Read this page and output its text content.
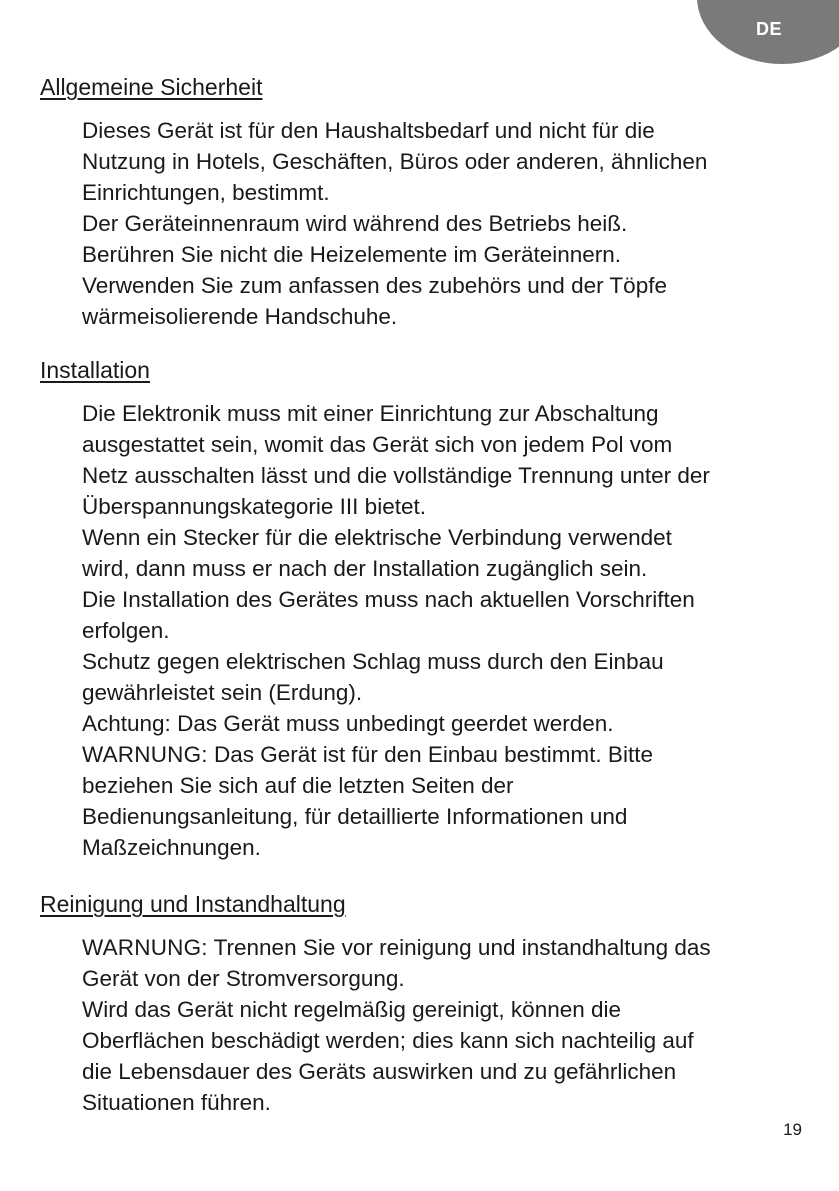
DE
Allgemeine Sicherheit
Dieses Gerät ist für den Haushaltsbedarf und nicht für die
Nutzung in Hotels, Geschäften, Büros oder anderen, ähnlichen
Einrichtungen, bestimmt.
Der Geräteinnenraum wird während des Betriebs heiß.
Berühren Sie nicht die Heizelemente im Geräteinnern.
Verwenden Sie zum anfassen des zubehörs und der Töpfe
wärmeisolierende Handschuhe.
Installation
Die Elektronik muss mit einer Einrichtung zur Abschaltung
ausgestattet sein, womit das Gerät sich von jedem Pol vom
Netz ausschalten lässt und die vollständige Trennung unter der
Überspannungskategorie III bietet.
Wenn ein Stecker für die elektrische Verbindung verwendet
wird, dann muss er nach der Installation zugänglich sein.
Die Installation des Gerätes muss nach aktuellen Vorschriften
erfolgen.
Schutz gegen elektrischen Schlag muss durch den Einbau
gewährleistet sein (Erdung).
Achtung: Das Gerät muss unbedingt geerdet werden.
WARNUNG: Das Gerät ist für den Einbau bestimmt. Bitte
beziehen Sie sich auf die letzten Seiten der
Bedienungsanleitung, für detaillierte Informationen und
Maßzeichnungen.
Reinigung und Instandhaltung
WARNUNG: Trennen Sie vor reinigung und instandhaltung das
Gerät von der Stromversorgung.
Wird das Gerät nicht regelmäßig gereinigt, können die
Oberflächen beschädigt werden; dies kann sich nachteilig auf
die Lebensdauer des Geräts auswirken und zu gefährlichen
Situationen führen.
19
